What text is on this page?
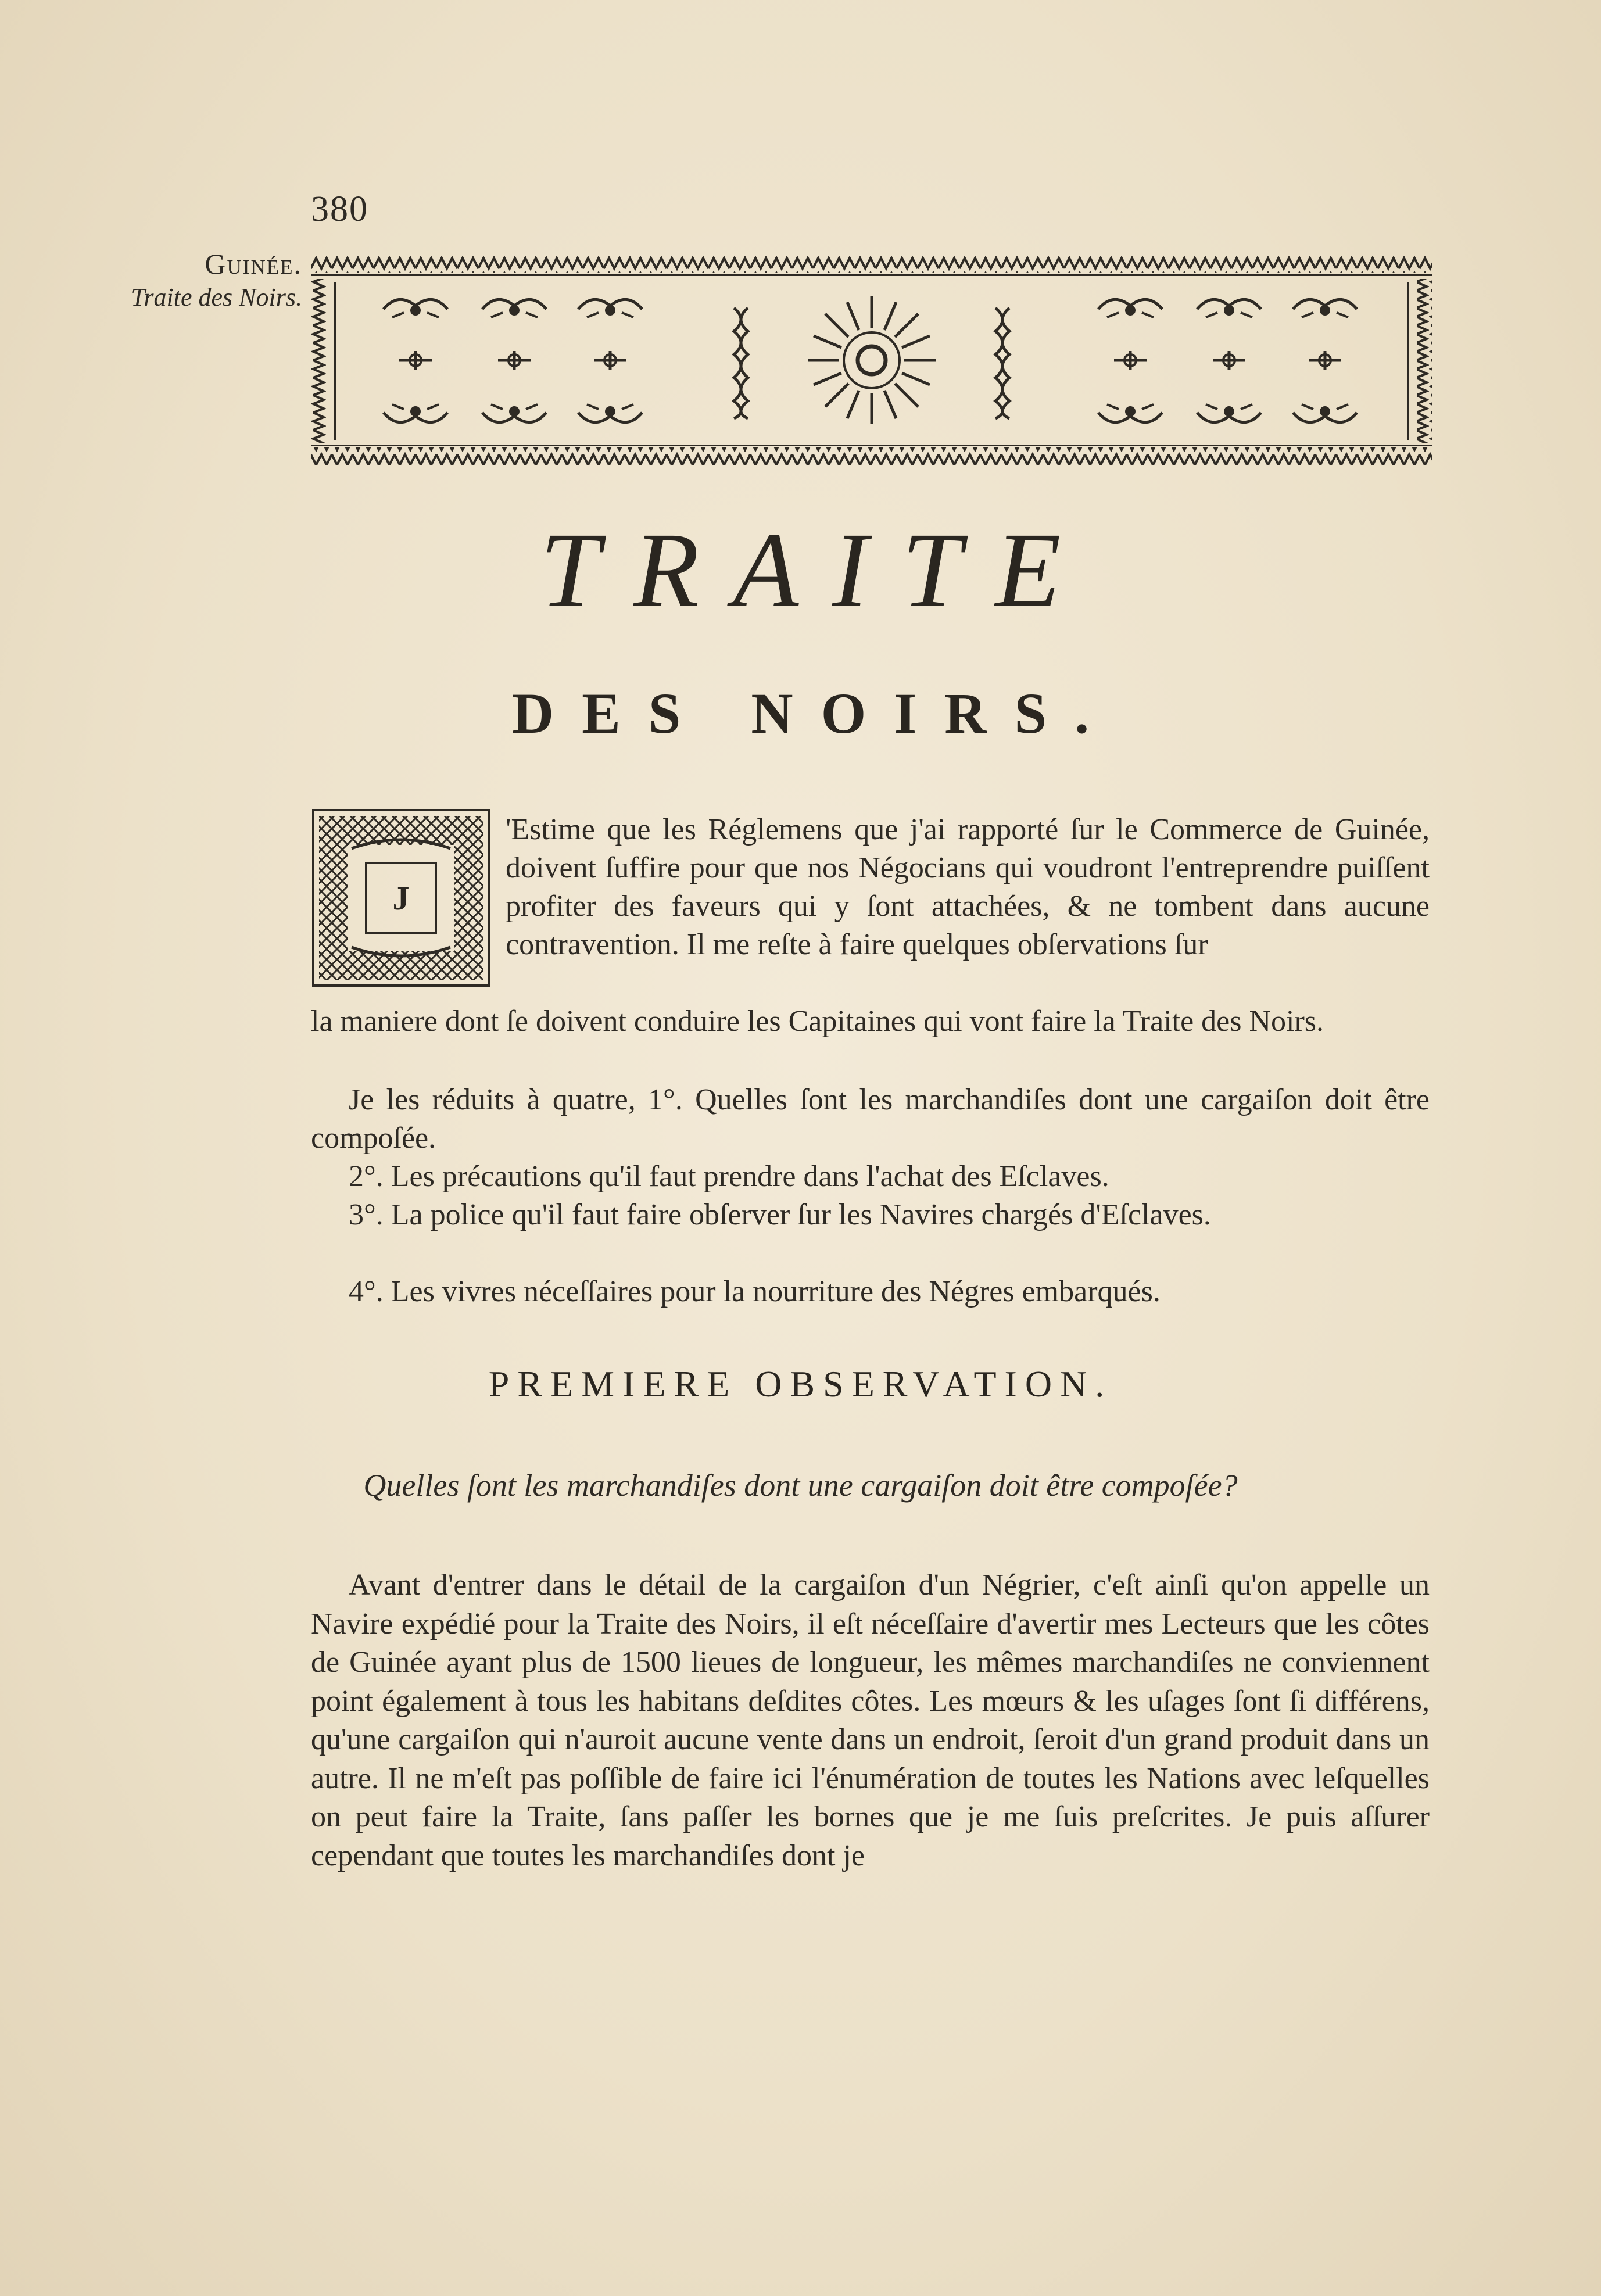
380
Guinée.
Traite des Noirs.
TRAITE
DES NOIRS.
J
'Estime que les Réglemens que j'ai rapporté ſur le Commerce de Guinée, doivent ſuffire pour que nos Négocians qui voudront l'entreprendre puiſſent profiter des faveurs qui y ſont attachées, & ne tombent dans aucune contravention. Il me reſte à faire quelques obſervations ſur
la maniere dont ſe doivent conduire les Capitaines qui vont faire la Traite des Noirs.
Je les réduits à quatre, 1°. Quelles ſont les marchandiſes dont une cargaiſon doit être compoſée.
2°. Les précautions qu'il faut prendre dans l'achat des Eſclaves.
3°. La police qu'il faut faire obſerver ſur les Navires chargés d'Eſclaves.
4°. Les vivres néceſſaires pour la nourriture des Négres embarqués.
PREMIERE OBSERVATION.
Quelles ſont les marchandiſes dont une cargaiſon doit être compoſée?
Avant d'entrer dans le détail de la cargaiſon d'un Négrier, c'eſt ainſi qu'on appelle un Navire expédié pour la Traite des Noirs, il eſt néceſſaire d'avertir mes Lecteurs que les côtes de Guinée ayant plus de 1500 lieues de longueur, les mêmes marchandiſes ne conviennent point également à tous les habitans deſdites côtes. Les mœurs & les uſages ſont ſi différens, qu'une cargaiſon qui n'auroit aucune vente dans un endroit, ſeroit d'un grand produit dans un autre. Il ne m'eſt pas poſſible de faire ici l'énumération de toutes les Nations avec leſquelles on peut faire la Traite, ſans paſſer les bornes que je me ſuis preſcrites. Je puis aſſurer cependant que toutes les marchandiſes dont je
